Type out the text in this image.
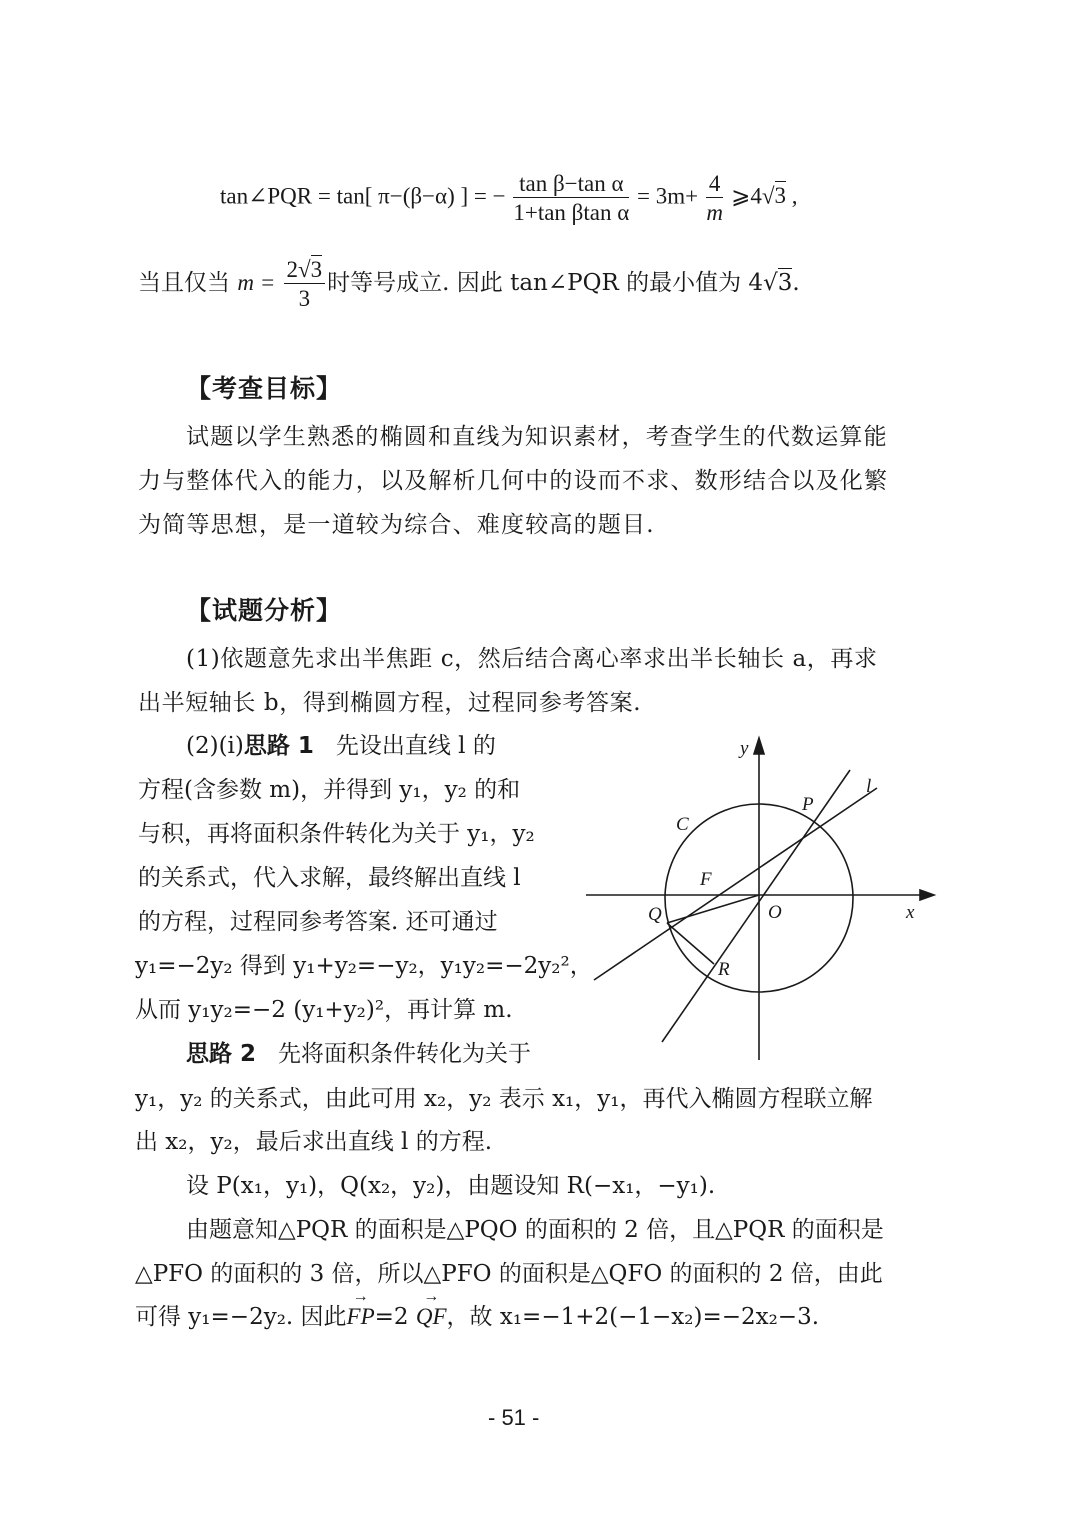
tan∠PQR = tan[ π−(β−α) ] = − $\frac{\text{tan β−tan α}}{\text{1+tan βtan α}} = 3m+ \frac{4}{m}$ ⩾4√3 ,
当且仅当 $m = \frac{2√3}{3}$ 时等号成立. 因此 tan∠PQR 的最小值为 4√3.
【考查目标】
试题以学生熟悉的椭圆和直线为知识素材，考查学生的代数运算能
力与整体代入的能力，以及解析几何中的设而不求、数形结合以及化繁
为简等思想，是一道较为综合、难度较高的题目.
【试题分析】
(1)依题意先求出半焦距 c，然后结合离心率求出半长轴长 a，再求
出半短轴长 b，得到椭圆方程，过程同参考答案.
(2)(ⅰ)思路 1 先设出直线 l 的
方程(含参数 m)，并得到 y₁，y₂ 的和
与积，再将面积条件转化为关于 y₁，y₂
的关系式，代入求解，最终解出直线 l
的方程，过程同参考答案. 还可通过
y₁=−2y₂ 得到 y₁+y₂=−y₂，y₁y₂=−2y₂²，
从而 y₁y₂=−2 (y₁+y₂)²，再计算 m.
思路 2 先将面积条件转化为关于
y₁，y₂ 的关系式，由此可用 x₂，y₂ 表示 x₁，y₁，再代入椭圆方程联立解
出 x₂，y₂，最后求出直线 l 的方程.
设 P(x₁，y₁)，Q(x₂，y₂)，由题设知 R(−x₁，−y₁).
由题意知△PQR 的面积是△PQO 的面积的 2 倍，且△PQR 的面积是
△PFO 的面积的 3 倍，所以△PFO 的面积是△QFO 的面积的 2 倍，由此
可得 y₁=−2y₂. 因此→ FP=2 → QF，故 x₁=−1+2(−1−x₂)=−2x₂−3.
y
x
P
l
C
F
Q	O
R
- 51 -
